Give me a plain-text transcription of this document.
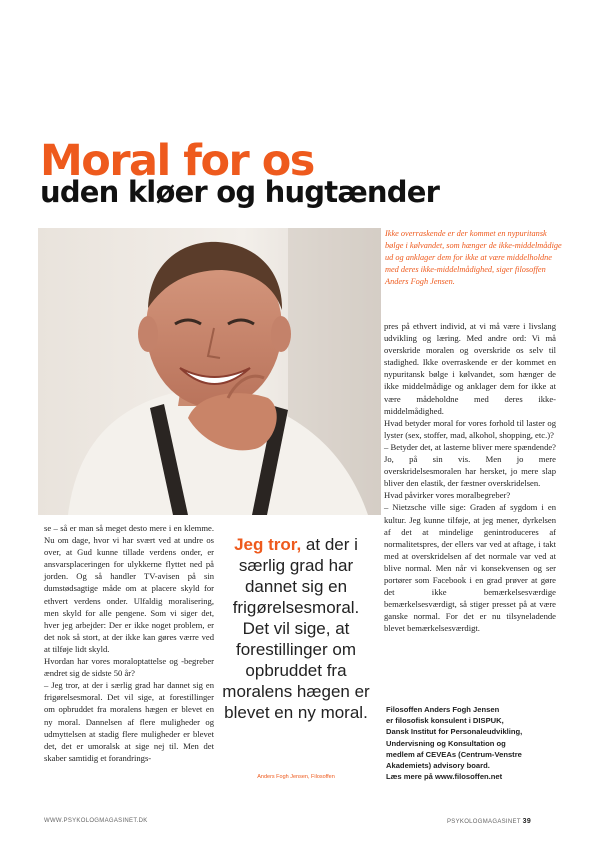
Moral for os
uden kløer og hugtænder

Ikke overraskende er der kommet en nypuritansk bølge i kølvandet, som hænger de ikke-middelmådige ud og anklager dem for ikke at være middelholdne med deres ikke-middelmådighed, siger filosoffen Anders Fogh Jensen.

pres på ethvert individ, at vi må være i livslang udvikling og læring. Med andre ord: Vi må overskride moralen og overskride os selv til stadighed. Ikke overraskende er der kommet en nypuritansk bølge i kølvandet, som hænger de ikke middelmådige og anklager dem for ikke at være mådeholdne med deres ikke-middelmådighed.

Hvad betyder moral for vores forhold til laster og lyster (sex, stoffer, mad, alkohol, shopping, etc.)?

– Betyder det, at lasterne bliver mere spændende? Jo, på sin vis. Men jo mere overskridelsesmoralen har hersket, jo mere slap bliver den elastik, der fæstner overskridelsen.

Hvad påvirker vores moralbegreber?

– Nietzsche ville sige: Graden af sygdom i en kultur. Jeg kunne tilføje, at jeg mener, dyrkelsen af det at mindelige genintroduceres af normalitetspres, der ellers var ved at aftage, i takt med at overskridelsen af det normale var ved at blive normal. Men når vi konsekvensen og ser portører som Facebook i en grad prøver at gøre det ikke bemærkelsesværdige bemærkelsesværdigt, så stiger presset på at være ganske normal. For det er nu tilsyneladende blevet bemærkelsesværdigt.

se – så er man så meget desto mere i en klemme. Nu om dage, hvor vi har svært ved at undre os over, at Gud kunne tillade verdens onder, er ansvarsplaceringen for ulykkerne flyttet ned på jorden. Og så handler TV-avisen på sin dumstødsagtige måde om at placere skyld for ethvert verdens onder. Ulfaldig moralisering, men skyld for alle pengene. Som vi siger det, hver jeg arbejder: Der er ikke noget problem, er det nok så stort, at der ikke kan gøres værre ved at tilføje lidt skyld.

Hvordan har vores moraloptattelse og -begreber ændret sig de sidste 50 år?

– Jeg tror, at der i særlig grad har dannet sig en frigørelsesmoral. Det vil sige, at forestillinger om opbruddet fra moralens hægen er blevet en ny moral. Dannelsen af flere muligheder og udmyttelsen at stadig flere muligheder er blevet det, det er umoralsk at sige nej til. Men det skaber samtidig et forandrings-

Jeg tror, at der i særlig grad har dannet sig en frigørelsesmoral. Det vil sige, at forestillinger om opbruddet fra moralens hægen er blevet en ny moral.
Anders Fogh Jensen, Filosoffen
Filosoffen Anders Fogh Jensen
er filosofisk konsulent i DISPUK,
Dansk Institut for Personaleudvikling,
Undervisning og Konsultation og
medlem af CEVEAs (Centrum-Venstre
Akademiets) advisory board.
Læs mere på www.filosoffen.net
WWW.PSYKOLOGMAGASINET.DK	PSYKOLOGMAGASINET 39
